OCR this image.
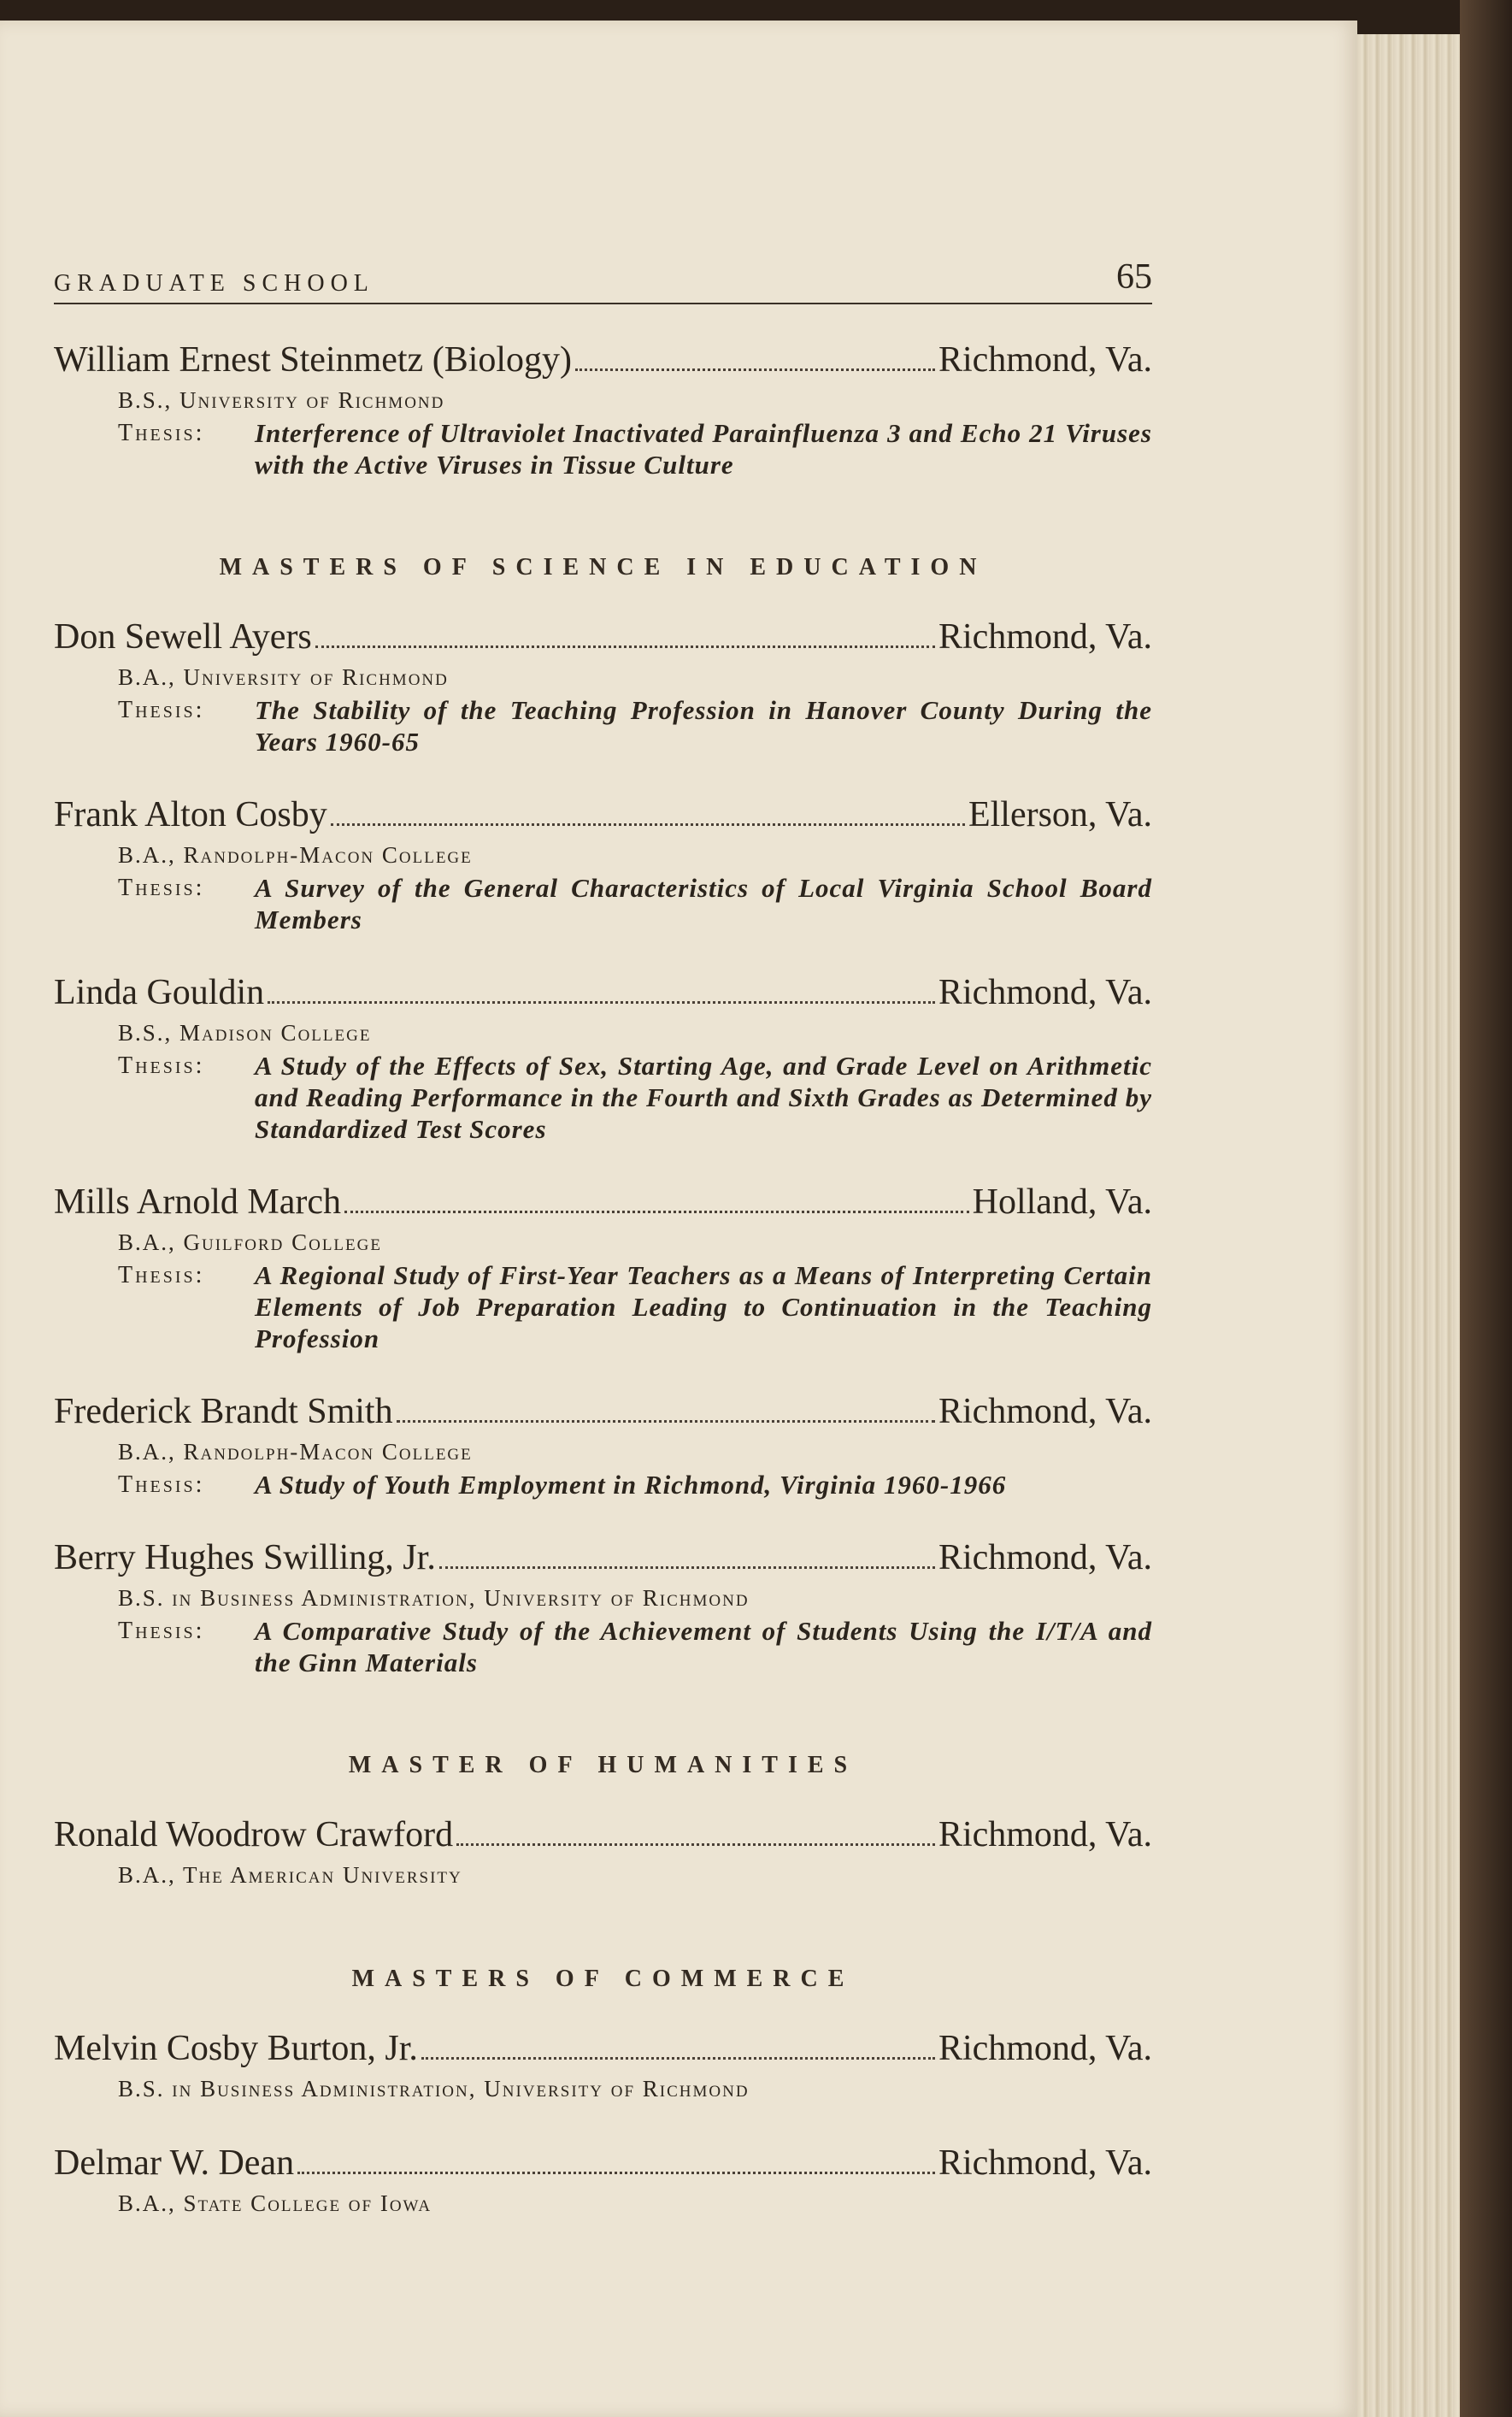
GRADUATE SCHOOL	65
William Ernest Steinmetz (Biology)	Richmond, Va.
B.S., University of Richmond
Thesis:	Interference of Ultraviolet Inactivated Parainfluenza 3 and Echo 21 Viruses with the Active Viruses in Tissue Culture
MASTERS OF SCIENCE IN EDUCATION
Don Sewell Ayers	Richmond, Va.
B.A., University of Richmond
Thesis:	The Stability of the Teaching Profession in Hanover County During the Years 1960-65
Frank Alton Cosby	Ellerson, Va.
B.A., Randolph-Macon College
Thesis:	A Survey of the General Characteristics of Local Virginia School Board Members
Linda Gouldin	Richmond, Va.
B.S., Madison College
Thesis:	A Study of the Effects of Sex, Starting Age, and Grade Level on Arithmetic and Reading Performance in the Fourth and Sixth Grades as Determined by Standardized Test Scores
Mills Arnold March	Holland, Va.
B.A., Guilford College
Thesis:	A Regional Study of First-Year Teachers as a Means of Interpreting Certain Elements of Job Preparation Leading to Continuation in the Teaching Profession
Frederick Brandt Smith	Richmond, Va.
B.A., Randolph-Macon College
Thesis:	A Study of Youth Employment in Richmond, Virginia 1960-1966
Berry Hughes Swilling, Jr.	Richmond, Va.
B.S. in Business Administration, University of Richmond
Thesis:	A Comparative Study of the Achievement of Students Using the I/T/A and the Ginn Materials
MASTER OF HUMANITIES
Ronald Woodrow Crawford	Richmond, Va.
B.A., The American University
MASTERS OF COMMERCE
Melvin Cosby Burton, Jr.	Richmond, Va.
B.S. in Business Administration, University of Richmond
Delmar W. Dean	Richmond, Va.
B.A., State College of Iowa
